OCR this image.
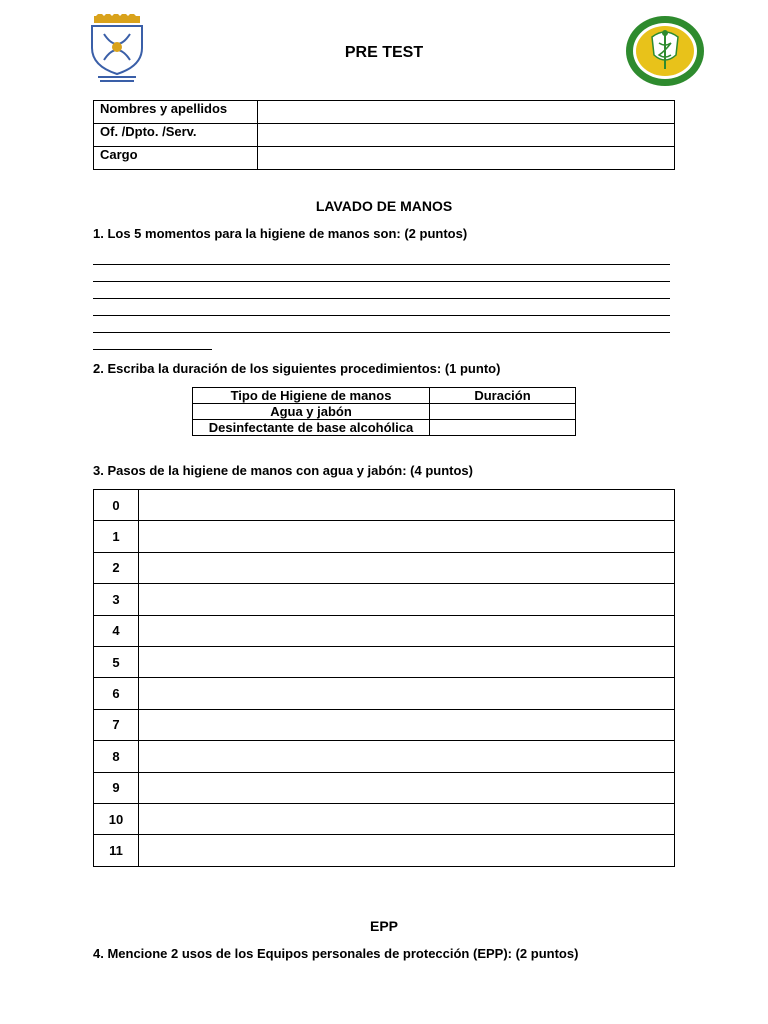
PRE TEST
Nombres y apellidos	
Of. /Dpto. /Serv.	
Cargo	
LAVADO DE MANOS
1. Los 5 momentos para la higiene de manos son: (2 puntos)
2. Escriba la duración de los siguientes procedimientos: (1 punto)
Tipo de Higiene de manos	Duración
Agua y jabón	
Desinfectante de base alcohólica	
3. Pasos de la higiene de manos con agua y jabón: (4 puntos)
0	
1	
2	
3	
4	
5	
6	
7	
8	
9	
10	
11	
EPP
4. Mencione 2 usos de los Equipos personales de protección (EPP): (2 puntos)
